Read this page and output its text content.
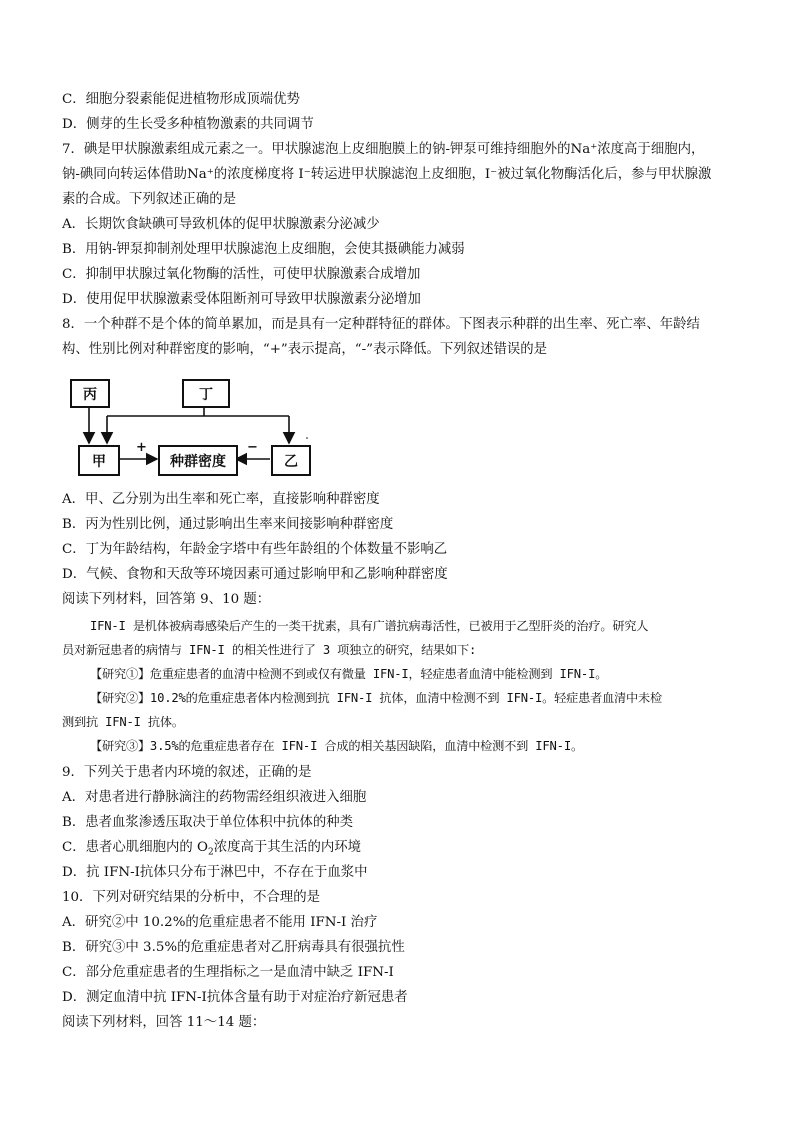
C．细胞分裂素能促进植物形成顶端优势
D．侧芽的生长受多种植物激素的共同调节
7．碘是甲状腺激素组成元素之一。甲状腺滤泡上皮细胞膜上的钠-钾泵可维持细胞外的Na⁺浓度高于细胞内，
钠-碘同向转运体借助Na⁺的浓度梯度将 I⁻转运进甲状腺滤泡上皮细胞，I⁻被过氧化物酶活化后，参与甲状腺激
素的合成。下列叙述正确的是
A．长期饮食缺碘可导致机体的促甲状腺激素分泌减少
B．用钠-钾泵抑制剂处理甲状腺滤泡上皮细胞，会使其摄碘能力减弱
C．抑制甲状腺过氧化物酶的活性，可使甲状腺激素合成增加
D．使用促甲状腺激素受体阻断剂可导致甲状腺激素分泌增加
8．一个种群不是个体的简单累加，而是具有一定种群特征的群体。下图表示种群的出生率、死亡率、年龄结
构、性别比例对种群密度的影响，“+”表示提高，“-”表示降低。下列叙述错误的是
丙	丁
甲	种群密度	乙
+	−
A．甲、乙分别为出生率和死亡率，直接影响种群密度
B．丙为性别比例，通过影响出生率来间接影响种群密度
C．丁为年龄结构，年龄金字塔中有些年龄组的个体数量不影响乙
D．气候、食物和天敌等环境因素可通过影响甲和乙影响种群密度
阅读下列材料，回答第 9、10 题：
IFN-I 是机体被病毒感染后产生的一类干扰素，具有广谱抗病毒活性，已被用于乙型肝炎的治疗。研究人
员对新冠患者的病情与 IFN-I 的相关性进行了 3 项独立的研究，结果如下:
【研究①】危重症患者的血清中检测不到或仅有微量 IFN-I，轻症患者血清中能检测到 IFN-I。
【研究②】10.2%的危重症患者体内检测到抗 IFN-I 抗体，血清中检测不到 IFN-I。轻症患者血清中未检
测到抗 IFN-I 抗体。
【研究③】3.5%的危重症患者存在 IFN-I 合成的相关基因缺陷，血清中检测不到 IFN-I。
9．下列关于患者内环境的叙述，正确的是
A．对患者进行静脉滴注的药物需经组织液进入细胞
B．患者血浆渗透压取决于单位体积中抗体的种类
C．患者心肌细胞内的 $O_2$浓度高于其生活的内环境
D．抗 IFN-I抗体只分布于淋巴中，不存在于血浆中
10．下列对研究结果的分析中，不合理的是
A．研究②中 10.2%的危重症患者不能用 IFN-I 治疗
B．研究③中 3.5%的危重症患者对乙肝病毒具有很强抗性
C．部分危重症患者的生理指标之一是血清中缺乏 IFN-I
D．测定血清中抗 IFN-I抗体含量有助于对症治疗新冠患者
阅读下列材料，回答 11～14 题：
